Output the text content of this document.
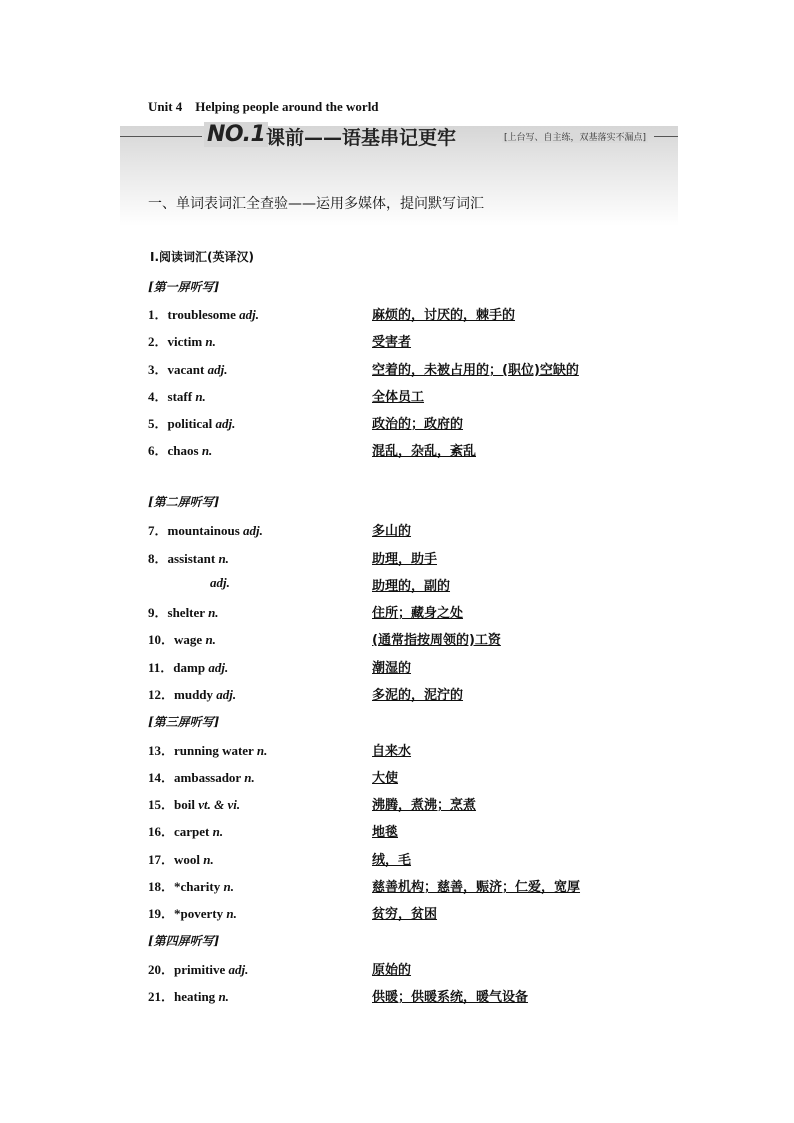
Unit 4　Helping people around the world
NO.1 课前——语基串记更牢	[上台写、自主练，双基落实不漏点]
一、单词表词汇全查验——运用多媒体，提问默写词汇
Ⅰ.阅读词汇(英译汉)
[第一屏听写]
[第二屏听写]
[第三屏听写]
[第四屏听写]
1．troublesome adj.	麻烦的，讨厌的，棘手的
2．victim n.	受害者
3．vacant adj.	空着的，未被占用的；(职位)空缺的
4．staff n.	全体员工
5．political adj.	政治的；政府的
6．chaos n.	混乱，杂乱，紊乱
7．mountainous adj.	多山的
8．assistant n.	助理，助手
adj.	助理的，副的
9．shelter n.	住所；藏身之处
10．wage n.	(通常指按周领的)工资
11．damp adj.	潮湿的
12．muddy adj.	多泥的，泥泞的
13．running water n.	自来水
14．ambassador n.	大使
15．boil vt. & vi.	沸腾，煮沸；烹煮
16．carpet n.	地毯
17．wool n.	绒，毛
18．*charity n.	慈善机构；慈善，赈济；仁爱，宽厚
19．*poverty n.	贫穷，贫困
20．primitive adj.	原始的
21．heating n.	供暖；供暖系统，暖气设备
